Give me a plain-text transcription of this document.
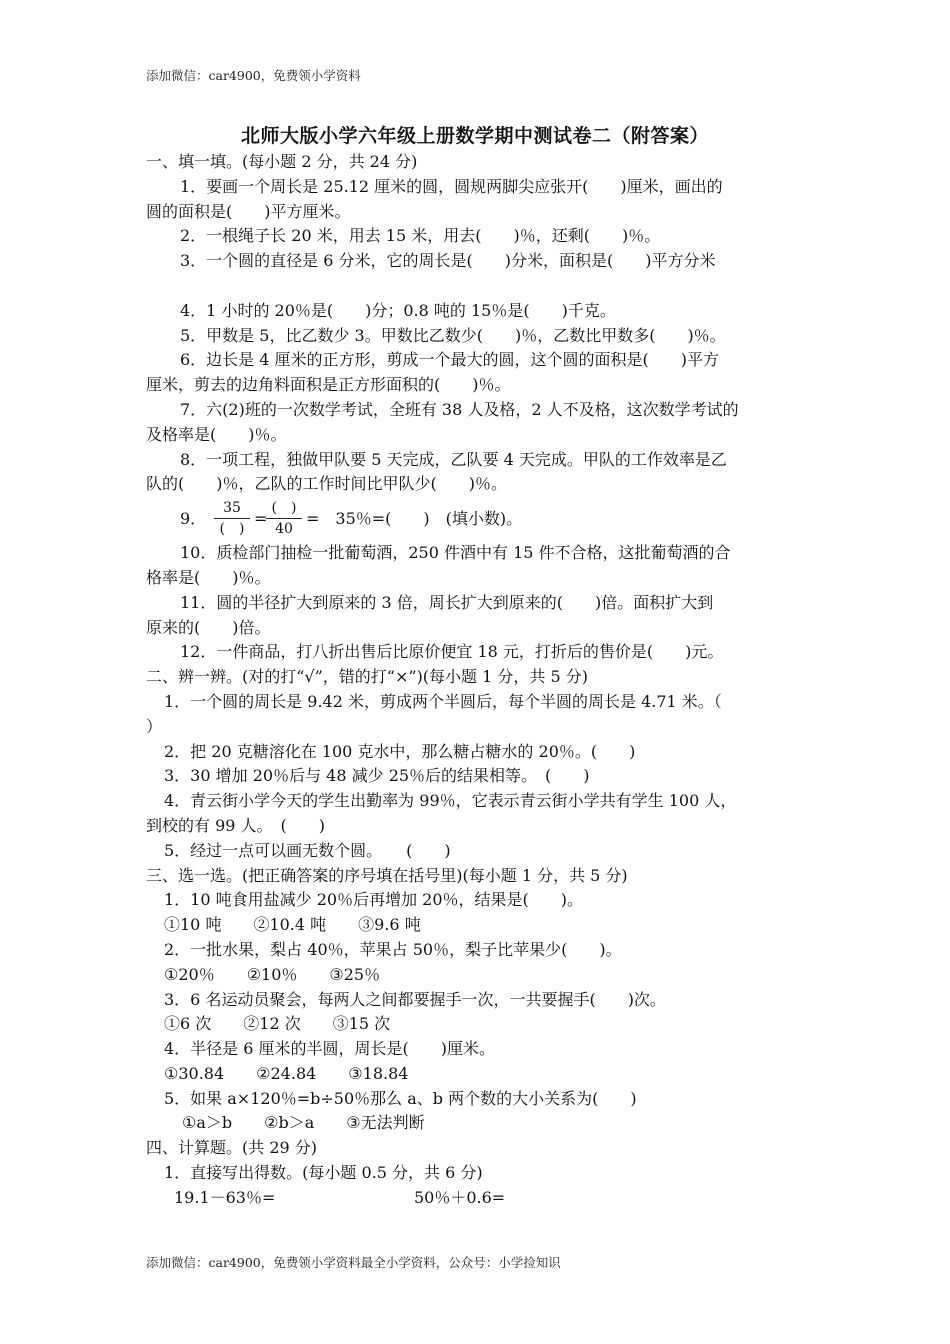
添加微信：car4900，免费领小学资料
北师大版小学六年级上册数学期中测试卷二（附答案）
一、填一填。(每小题 2 分，共 24 分)
1．要画一个周长是 25.12 厘米的圆，圆规两脚尖应张开(　　)厘米，画出的
圆的面积是(　　)平方厘米。
2．一根绳子长 20 米，用去 15 米，用去(　　)％，还剩(　　)％。
3．一个圆的直径是 6 分米，它的周长是(　　)分米，面积是(　　)平方分米
4．1 小时的 20％是(　　)分；0.8 吨的 15％是(　　)千克。
5．甲数是 5，比乙数少 3。甲数比乙数少(　　)％，乙数比甲数多(　　)％。
6．边长是 4 厘米的正方形，剪成一个最大的圆，这个圆的面积是(　　)平方
厘米，剪去的边角料面积是正方形面积的(　　)％。
7．六(2)班的一次数学考试，全班有 38 人及格，2 人不及格，这次数学考试的
及格率是(　　)％。
8．一项工程，独做甲队要 5 天完成，乙队要 4 天完成。甲队的工作效率是乙
队的(　　)％，乙队的工作时间比甲队少(　　)％。
9．
35
(　)
=
(　)
40
=　35％=(　　)　(填小数)。
10．质检部门抽检一批葡萄酒，250 件酒中有 15 件不合格，这批葡萄酒的合
格率是(　　)％。
11．圆的半径扩大到原来的 3 倍，周长扩大到原来的(　　)倍。面积扩大到
原来的(　　)倍。
12．一件商品，打八折出售后比原价便宜 18 元，打折后的售价是(　　)元。
二、辨一辨。(对的打“√”，错的打“×”)(每小题 1 分，共 5 分)
1．一个圆的周长是 9.42 米，剪成两个半圆后，每个半圆的周长是 4.71 米。（
）
2．把 20 克糖溶化在 100 克水中，那么糖占糖水的 20％。(　　)
3．30 增加 20％后与 48 减少 25％后的结果相等。　(　　)
4．青云街小学今天的学生出勤率为 99％，它表示青云街小学共有学生 100 人，
到校的有 99 人。　(　　)
5．经过一点可以画无数个圆。　　(　　)
三、选一选。(把正确答案的序号填在括号里)(每小题 1 分，共 5 分)
1．10 吨食用盐减少 20％后再增加 20％，结果是(　　)。
①10 吨　　②10.4 吨　　③9.6 吨
2．一批水果，梨占 40％，苹果占 50％，梨子比苹果少(　　)。
①20％　　②10％　　③25％
3．6 名运动员聚会，每两人之间都要握手一次，一共要握手(　　)次。
①6 次　　②12 次　　③15 次
4．半径是 6 厘米的半圆，周长是(　　)厘米。
①30.84　　②24.84　　③18.84
5．如果 a×120％=b÷50％那么 a、b 两个数的大小关系为(　　)
①a＞b　　②b＞a　　③无法判断
四、计算题。(共 29 分)
1．直接写出得数。(每小题 0.5 分，共 6 分)
19.1－63％=	50％＋0.6=
添加微信：car4900，免费领小学资料最全小学资料，公众号：小学捡知识
